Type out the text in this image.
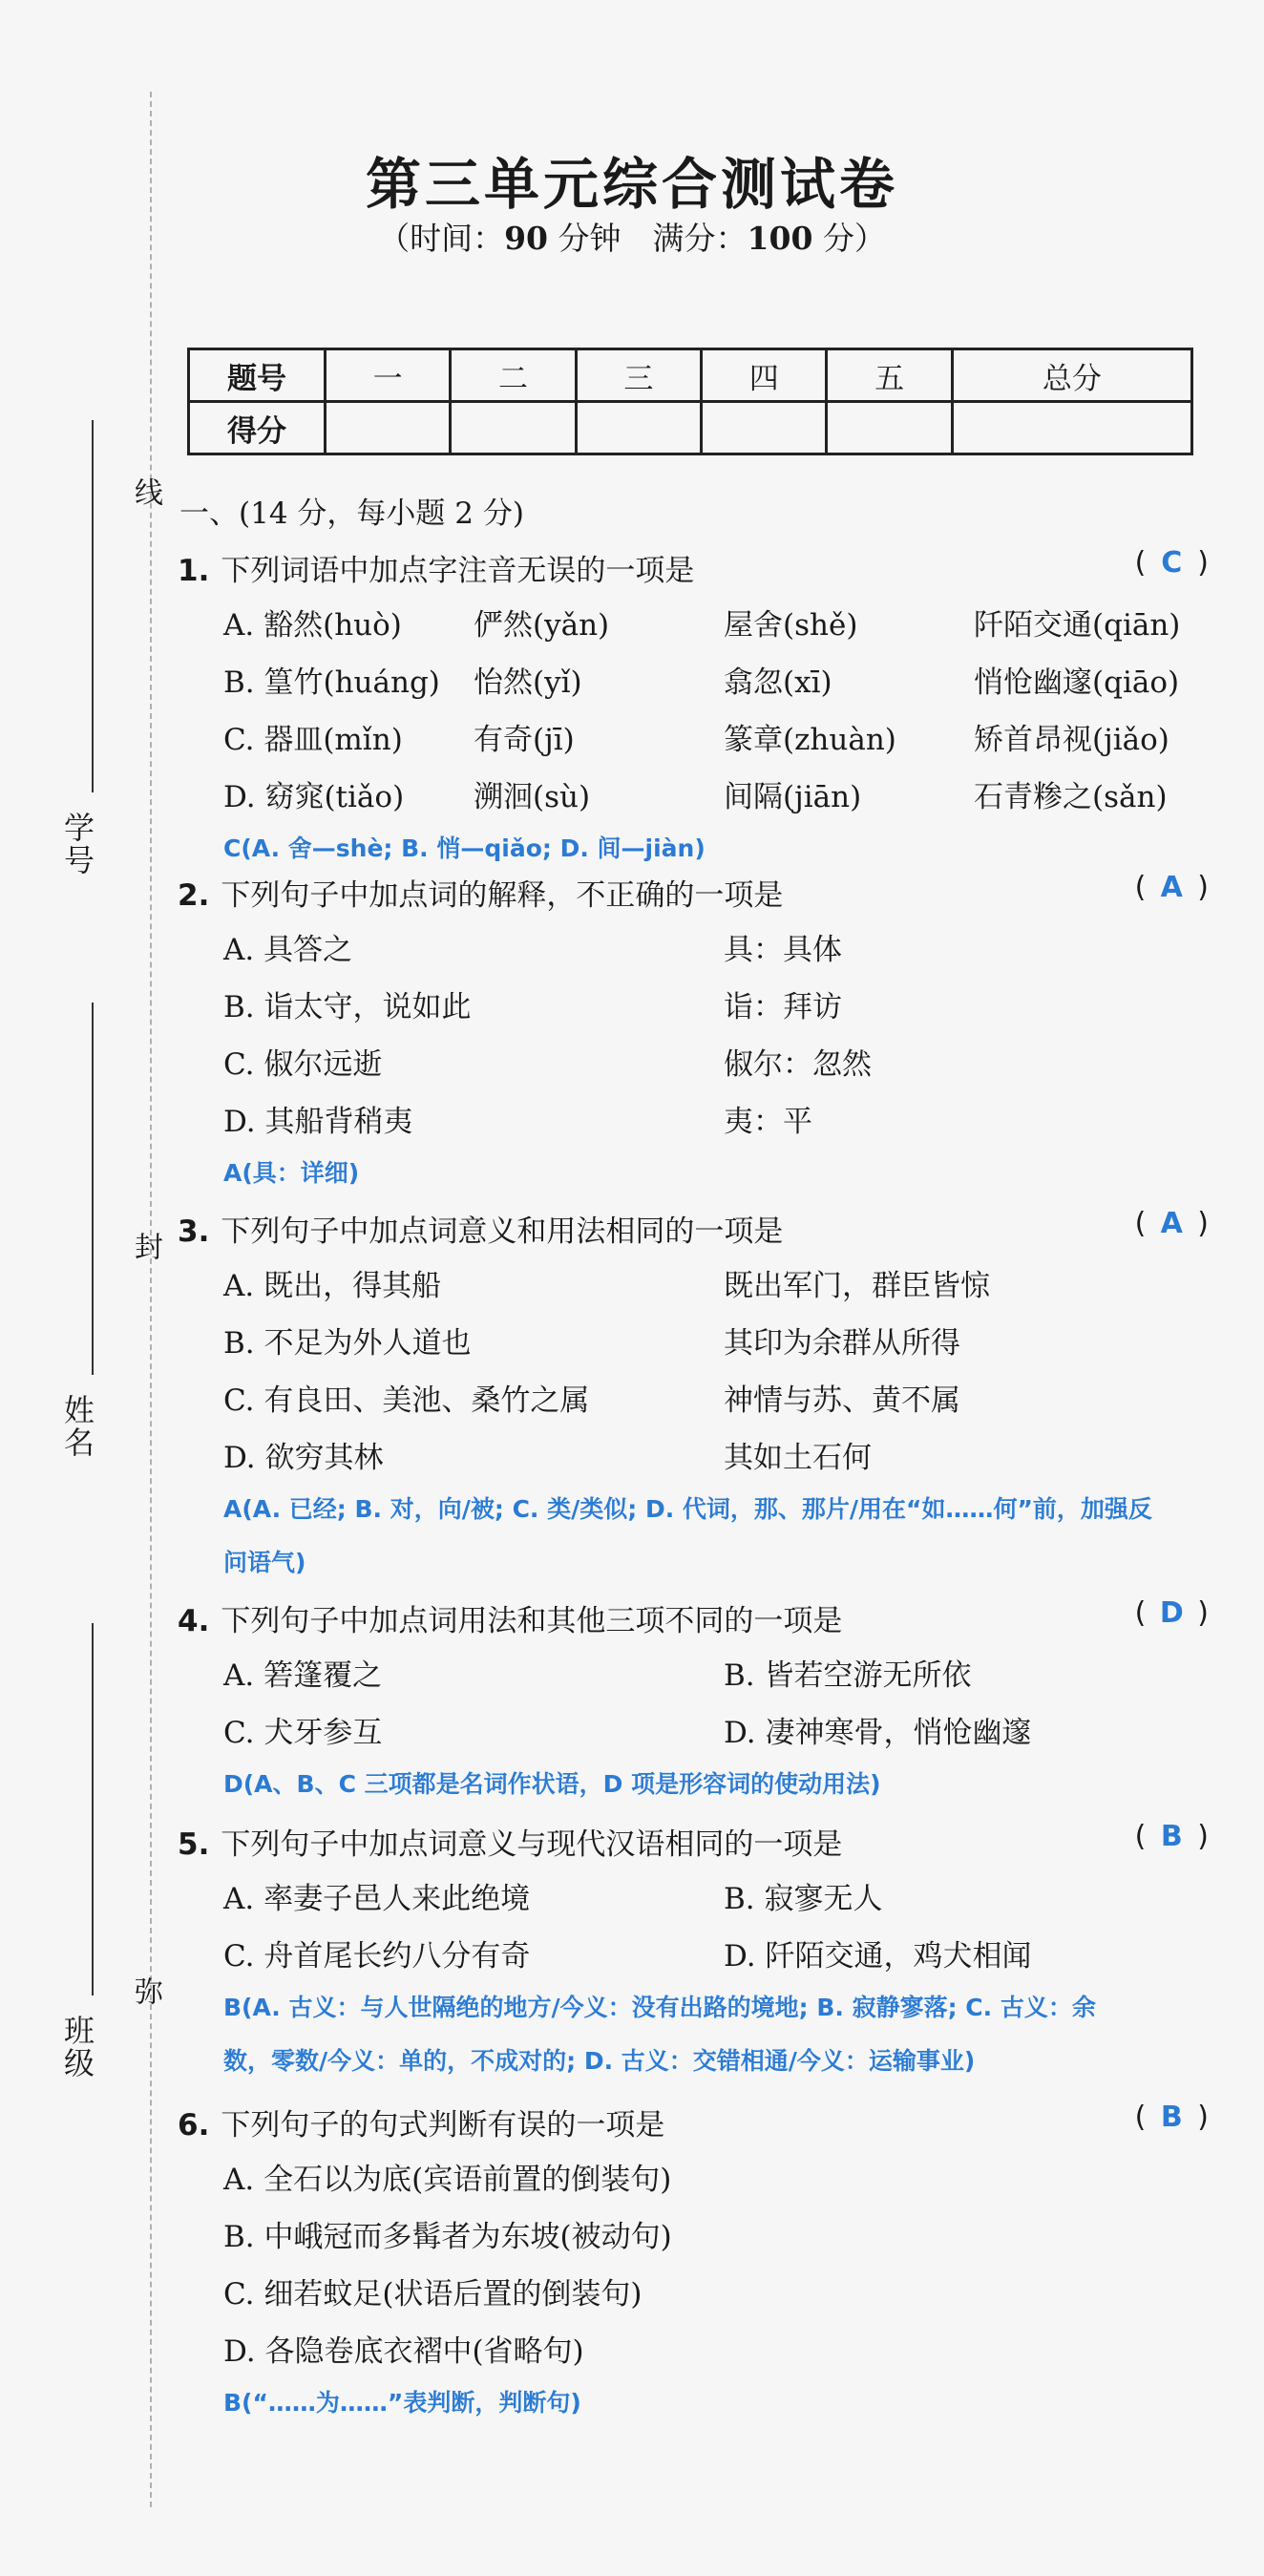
学号
姓名
班级
线
封
弥
第三单元综合测试卷
（时间：90 分钟　满分：100 分）
题号	一	二	三	四	五	总分
得分						
一、(14 分，每小题 2 分)
1. 下列词语中加点字注音无误的一项是	( C )
A. 豁然(huò)	俨然(yǎn)	屋舍(shě)	阡陌交通(qiān)
B. 篁竹(huáng)	怡然(yǐ)	翕忽(xī)	悄怆幽邃(qiāo)
C. 器皿(mǐn)	有奇(jī)	篆章(zhuàn)	矫首昂视(jiǎo)
D. 窈窕(tiǎo)	溯洄(sù)	间隔(jiān)	石青糁之(sǎn)
C(A. 舍—shè; B. 悄—qiǎo; D. 间—jiàn)
2. 下列句子中加点词的解释，不正确的一项是	( A )
A. 具答之	具：具体
B. 诣太守，说如此	诣：拜访
C. 俶尔远逝	俶尔：忽然
D. 其船背稍夷	夷：平
A(具：详细)
3. 下列句子中加点词意义和用法相同的一项是	( A )
A. 既出，得其船	既出军门，群臣皆惊
B. 不足为外人道也	其印为余群从所得
C. 有良田、美池、桑竹之属	神情与苏、黄不属
D. 欲穷其林	其如土石何
A(A. 已经; B. 对，向/被; C. 类/类似; D. 代词，那、那片/用在“如……何”前，加强反
问语气)
4. 下列句子中加点词用法和其他三项不同的一项是	( D )
A. 箬篷覆之	B. 皆若空游无所依
C. 犬牙参互	D. 凄神寒骨，悄怆幽邃
D(A、B、C 三项都是名词作状语，D 项是形容词的使动用法)
5. 下列句子中加点词意义与现代汉语相同的一项是	( B )
A. 率妻子邑人来此绝境	B. 寂寥无人
C. 舟首尾长约八分有奇	D. 阡陌交通，鸡犬相闻
B(A. 古义：与人世隔绝的地方/今义：没有出路的境地; B. 寂静寥落; C. 古义：余
数，零数/今义：单的，不成对的; D. 古义：交错相通/今义：运输事业)
6. 下列句子的句式判断有误的一项是	( B )
A. 全石以为底(宾语前置的倒装句)
B. 中峨冠而多髯者为东坡(被动句)
C. 细若蚊足(状语后置的倒装句)
D. 各隐卷底衣褶中(省略句)
B(“……为……”表判断，判断句)
